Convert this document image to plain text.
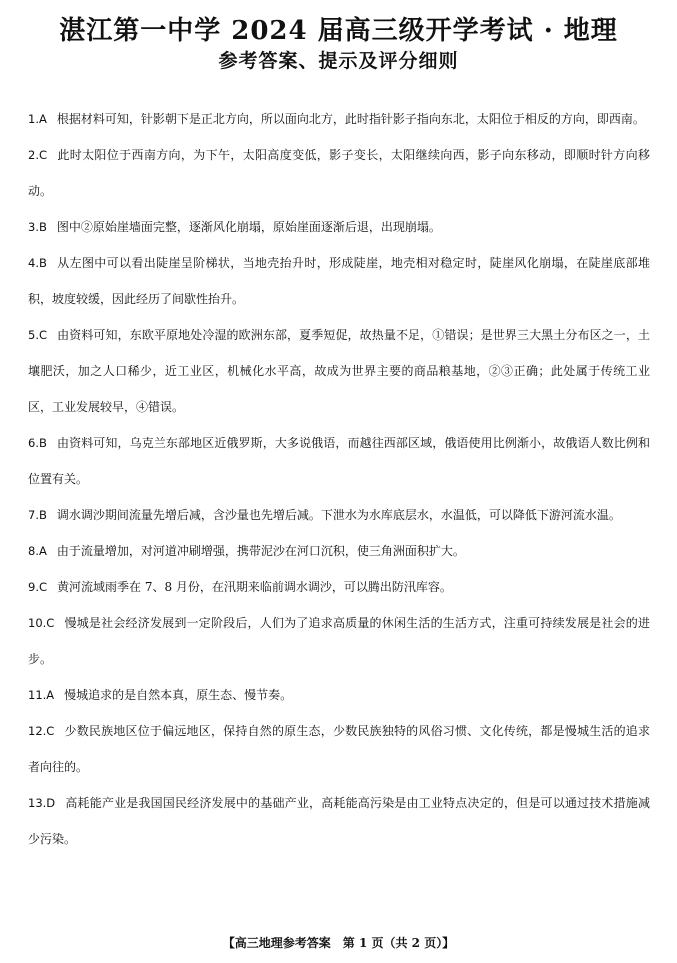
湛江第一中学 2024 届高三级开学考试 · 地理
参考答案、提示及评分细则
1.A 根据材料可知，针影朝下是正北方向，所以面向北方，此时指针影子指向东北，太阳位于相反的方向，即西南。
2.C 此时太阳位于西南方向，为下午，太阳高度变低，影子变长，太阳继续向西，影子向东移动，即顺时针方向移动。
3.B 图中②原始崖墙面完整，逐渐风化崩塌，原始崖面逐渐后退，出现崩塌。
4.B 从左图中可以看出陡崖呈阶梯状，当地壳抬升时，形成陡崖，地壳相对稳定时，陡崖风化崩塌，在陡崖底部堆积，坡度较缓，因此经历了间歇性抬升。
5.C 由资料可知，东欧平原地处冷湿的欧洲东部，夏季短促，故热量不足，①错误；是世界三大黑土分布区之一，土壤肥沃，加之人口稀少，近工业区，机械化水平高，故成为世界主要的商品粮基地，②③正确；此处属于传统工业区，工业发展较早，④错误。
6.B 由资料可知，乌克兰东部地区近俄罗斯，大多说俄语，而越往西部区域，俄语使用比例渐小，故俄语人数比例和位置有关。
7.B 调水调沙期间流量先增后减，含沙量也先增后减。下泄水为水库底层水，水温低，可以降低下游河流水温。
8.A 由于流量增加，对河道冲刷增强，携带泥沙在河口沉积，使三角洲面积扩大。
9.C 黄河流域雨季在 7、8 月份，在汛期来临前调水调沙，可以腾出防汛库容。
10.C 慢城是社会经济发展到一定阶段后，人们为了追求高质量的休闲生活的生活方式，注重可持续发展是社会的进步。
11.A 慢城追求的是自然本真，原生态、慢节奏。
12.C 少数民族地区位于偏远地区，保持自然的原生态，少数民族独特的风俗习惯、文化传统，都是慢城生活的追求者向往的。
13.D 高耗能产业是我国国民经济发展中的基础产业，高耗能高污染是由工业特点决定的，但是可以通过技术措施减少污染。
【高三地理参考答案　第 1 页（共 2 页）】
